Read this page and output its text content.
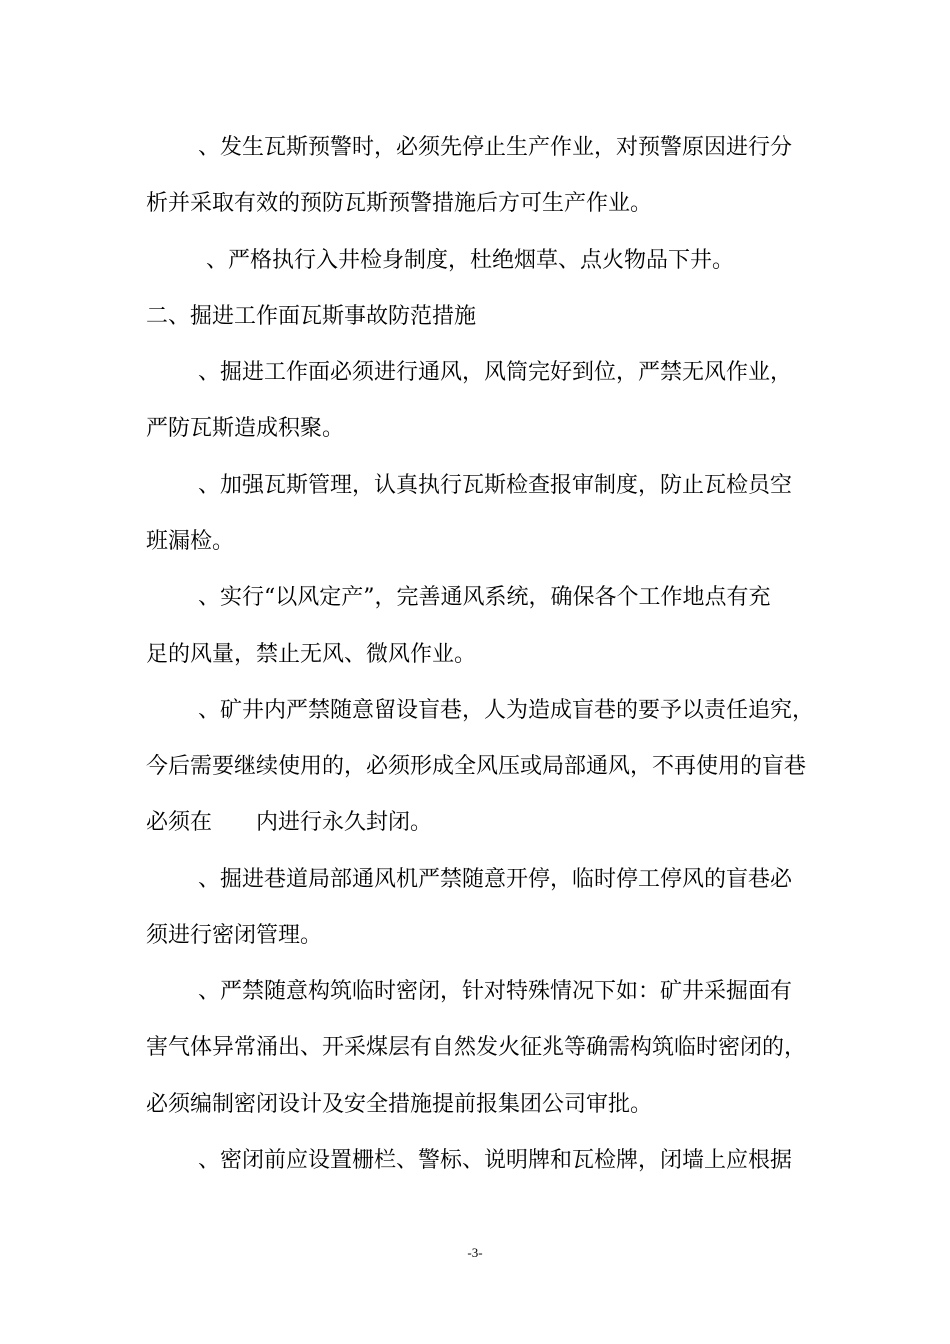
、发生瓦斯预警时，必须先停止生产作业，对预警原因进行分
析并采取有效的预防瓦斯预警措施后方可生产作业。
、严格执行入井检身制度，杜绝烟草、点火物品下井。
二、掘进工作面瓦斯事故防范措施
、掘进工作面必须进行通风，风筒完好到位，严禁无风作业，
严防瓦斯造成积聚。
、加强瓦斯管理，认真执行瓦斯检查报审制度，防止瓦检员空
班漏检。
、实行“以风定产”，完善通风系统，确保各个工作地点有充
足的风量，禁止无风、微风作业。
、矿井内严禁随意留设盲巷，人为造成盲巷的要予以责任追究，
今后需要继续使用的，必须形成全风压或局部通风，不再使用的盲巷
必须在 内进行永久封闭。
、掘进巷道局部通风机严禁随意开停，临时停工停风的盲巷必
须进行密闭管理。
、严禁随意构筑临时密闭，针对特殊情况下如：矿井采掘面有
害气体异常涌出、开采煤层有自然发火征兆等确需构筑临时密闭的，
必须编制密闭设计及安全措施提前报集团公司审批。
、密闭前应设置栅栏、警标、说明牌和瓦检牌，闭墙上应根据
-3-
